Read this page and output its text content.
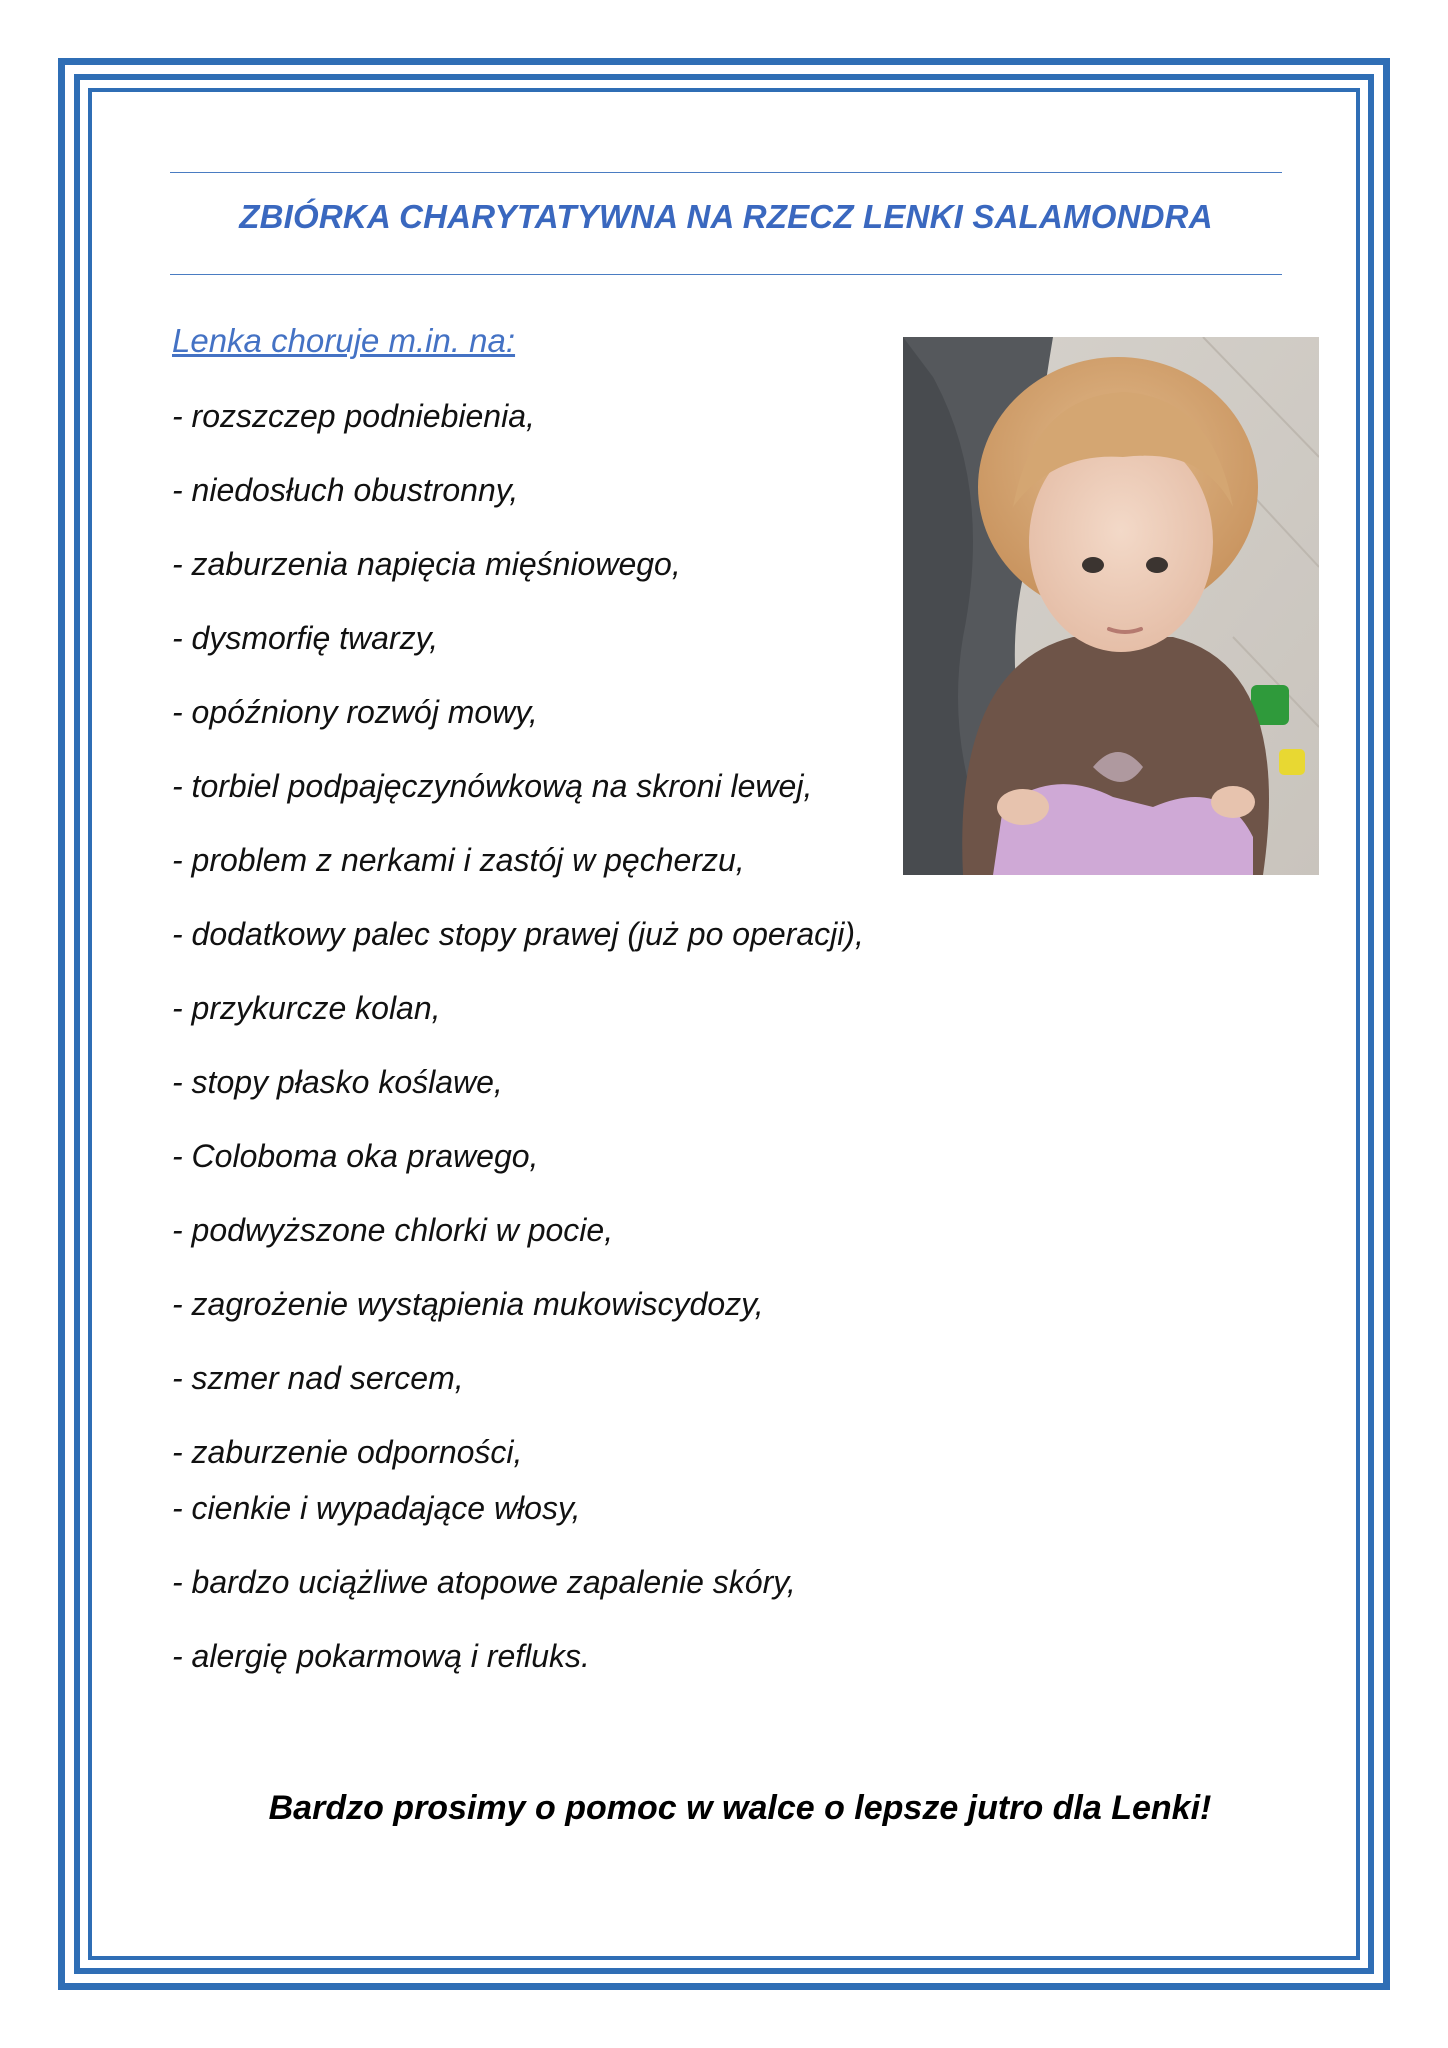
ZBIÓRKA CHARYTATYWNA NA RZECZ LENKI SALAMONDRA
Lenka choruje m.in. na:
- rozszczep podniebienia,
- niedosłuch obustronny,
- zaburzenia napięcia mięśniowego,
- dysmorfię twarzy,
- opóźniony rozwój mowy,
- torbiel podpajęczynówkową na skroni lewej,
- problem z nerkami i zastój w pęcherzu,
- dodatkowy palec stopy prawej (już po operacji),
- przykurcze kolan,
- stopy płasko koślawe,
- Coloboma oka prawego,
- podwyższone chlorki w pocie,
- zagrożenie wystąpienia mukowiscydozy,
- szmer nad sercem,
- zaburzenie odporności,
- cienkie i wypadające włosy,
- bardzo uciążliwe atopowe zapalenie skóry,
- alergię pokarmową i refluks.
Bardzo prosimy o pomoc w walce o lepsze jutro dla Lenki!
